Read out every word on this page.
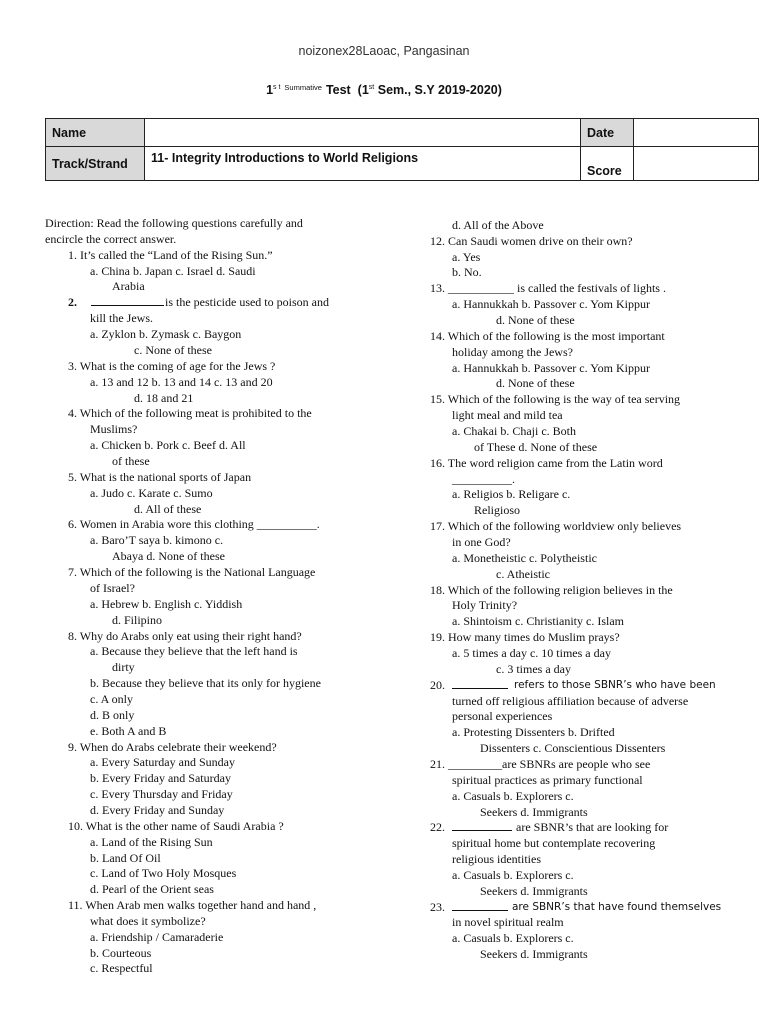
noizonex28Laoac, Pangasinan
$1^{s t}$ $^{Summative}$ Test (1st Sem., S.Y 2019-2020)
Name		Date	
Track/Strand	11- Integrity Introductions to World Religions	Score	
Direction: Read the following questions carefully and
encircle the correct answer.
1. It’s called the “Land of the Rising Sun.”
a. China b. Japan c. Israel d. Saudi
Arabia
2.	is the pesticide used to poison and
kill the Jews.
a. Zyklon b. Zymask c. Baygon
c. None of these
3. What is the coming of age for the Jews ?
a. 13 and 12 b. 13 and 14 c. 13 and 20
d. 18 and 21
4. Which of the following meat is prohibited to the
Muslims?
a. Chicken b. Pork c. Beef d. All
of these
5. What is the national sports of Japan
a. Judo c. Karate c. Sumo
d. All of these
6. Women in Arabia wore this clothing __________.
a. Baro’T saya b. kimono c.
Abaya d. None of these
7. Which of the following is the National Language
of Israel?
a. Hebrew b. English c. Yiddish
d. Filipino
8. Why do Arabs only eat using their right hand?
a. Because they believe that the left hand is
dirty
b. Because they believe that its only for hygiene
c. A only
d. B only
e. Both A and B
9. When do Arabs celebrate their weekend?
a. Every Saturday and Sunday
b. Every Friday and Saturday
c. Every Thursday and Friday
d. Every Friday and Sunday
10. What is the other name of Saudi Arabia ?
a. Land of the Rising Sun
b. Land Of Oil
c. Land of Two Holy Mosques
d. Pearl of the Orient seas
11. When Arab men walks together hand and hand ,
what does it symbolize?
a. Friendship / Camaraderie
b. Courteous
c. Respectful
d. All of the Above
12. Can Saudi women drive on their own?
a. Yes
b. No.
13. ___________ is called the festivals of lights .
a. Hannukkah b. Passover c. Yom Kippur
d. None of these
14. Which of the following is the most important
holiday among the Jews?
a. Hannukkah b. Passover c. Yom Kippur
d. None of these
15. Which of the following is the way of tea serving
light meal and mild tea
a. Chakai b. Chaji c. Both
of These d. None of these
16. The word religion came from the Latin word
__________.
a. Religios b. Religare c.
Religioso
17. Which of the following worldview only believes
in one God?
a. Monetheistic c. Polytheistic
c. Atheistic
18. Which of the following religion believes in the
Holy Trinity?
a. Shintoism c. Christianity c. Islam
19. How many times do Muslim prays?
a. 5 times a day c. 10 times a day
c. 3 times a day
20.	refers to those SBNR’s who have been
turned off religious affiliation because of adverse
personal experiences
a. Protesting Dissenters b. Drifted
Dissenters c. Conscientious Dissenters
21. _________are SBNRs are people who see
spiritual practices as primary functional
a. Casuals b. Explorers c.
Seekers d. Immigrants
22.	are SBNR’s that are looking for
spiritual home but contemplate recovering
religious identities
a. Casuals b. Explorers c.
Seekers d. Immigrants
23.	are SBNR’s that have found themselves
in novel spiritual realm
a. Casuals b. Explorers c.
Seekers d. Immigrants
